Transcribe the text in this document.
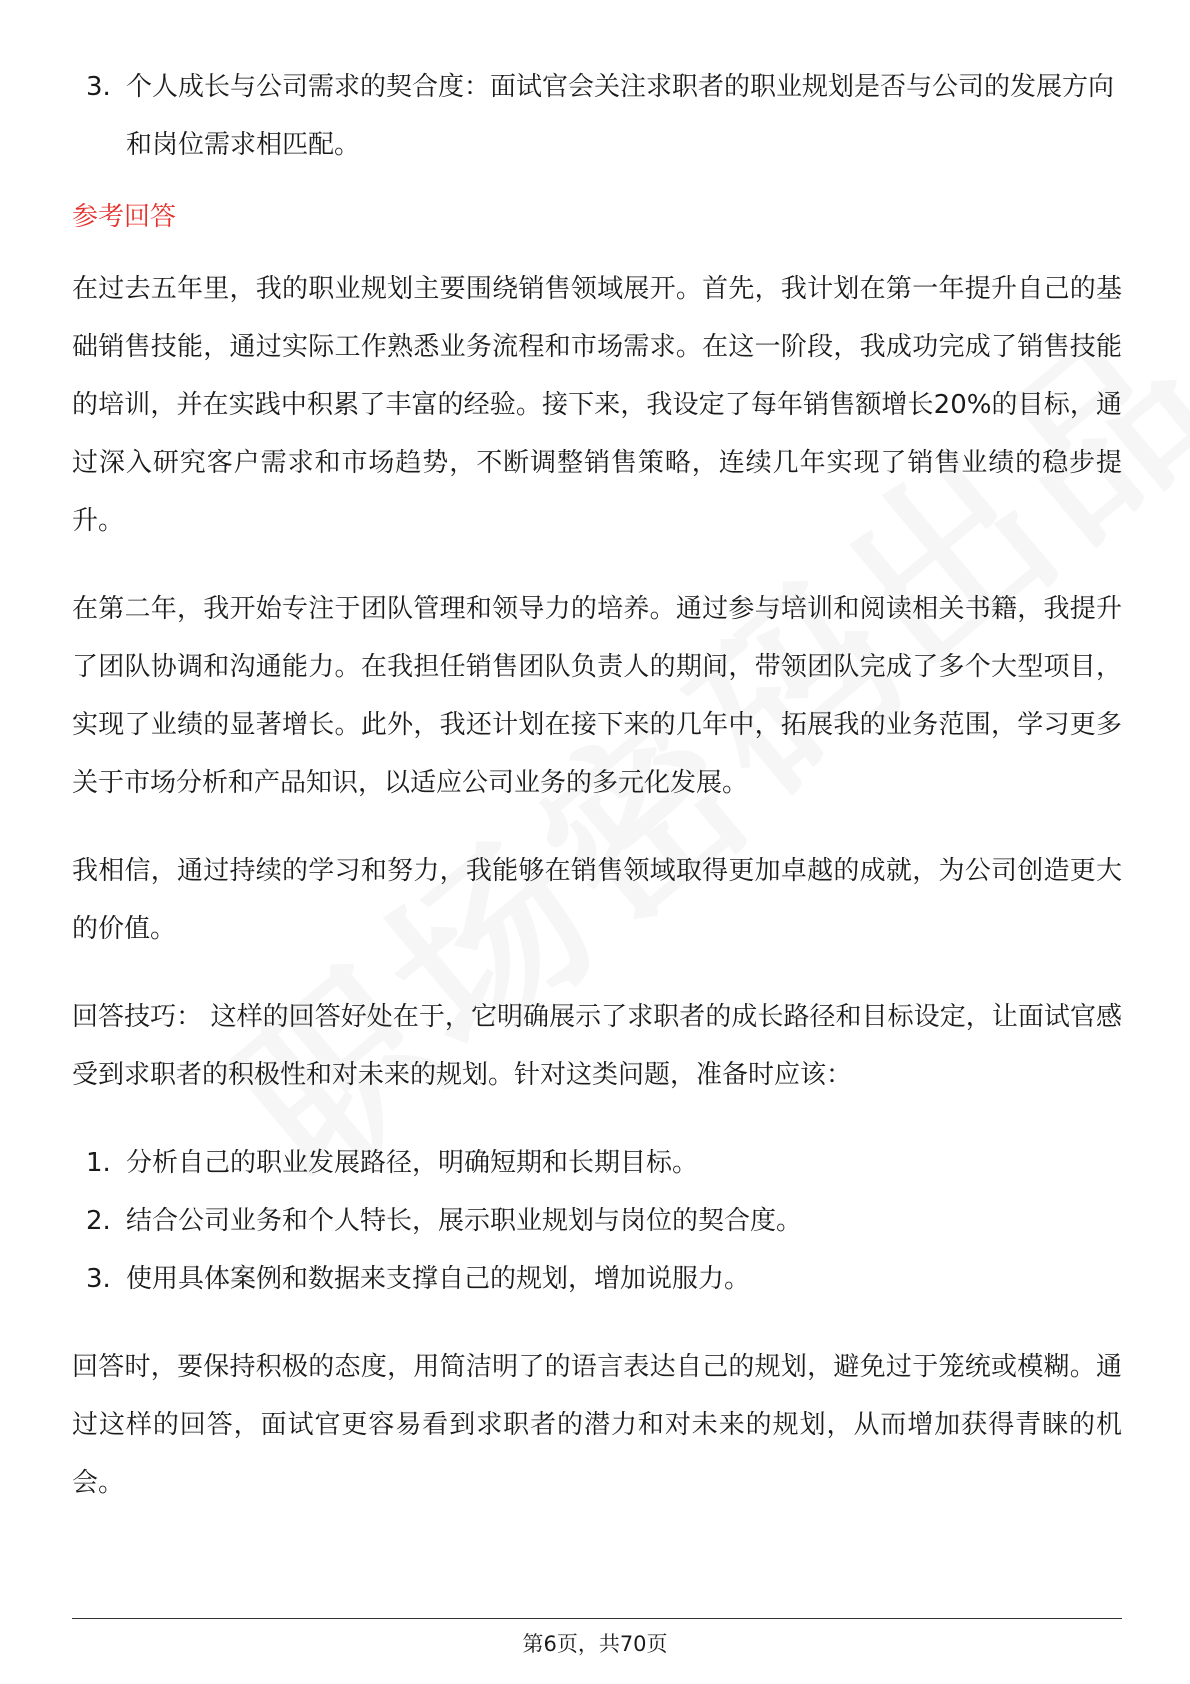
3. 个人成长与公司需求的契合度：面试官会关注求职者的职业规划是否与公司的发展方向和岗位需求相匹配。
参考回答

在过去五年里，我的职业规划主要围绕销售领域展开。首先，我计划在第一年提升自己的基础销售技能，通过实际工作熟悉业务流程和市场需求。在这一阶段，我成功完成了销售技能的培训，并在实践中积累了丰富的经验。接下来，我设定了每年销售额增长20%的目标，通过深入研究客户需求和市场趋势，不断调整销售策略，连续几年实现了销售业绩的稳步提升。

在第二年，我开始专注于团队管理和领导力的培养。通过参与培训和阅读相关书籍，我提升了团队协调和沟通能力。在我担任销售团队负责人的期间，带领团队完成了多个大型项目，实现了业绩的显著增长。此外，我还计划在接下来的几年中，拓展我的业务范围，学习更多关于市场分析和产品知识，以适应公司业务的多元化发展。

我相信，通过持续的学习和努力，我能够在销售领域取得更加卓越的成就，为公司创造更大的价值。

回答技巧： 这样的回答好处在于，它明确展示了求职者的成长路径和目标设定，让面试官感受到求职者的积极性和对未来的规划。针对这类问题，准备时应该：

1. 分析自己的职业发展路径，明确短期和长期目标。
2. 结合公司业务和个人特长，展示职业规划与岗位的契合度。
3. 使用具体案例和数据来支撑自己的规划，增加说服力。

回答时，要保持积极的态度，用简洁明了的语言表达自己的规划，避免过于笼统或模糊。通过这样的回答，面试官更容易看到求职者的潜力和对未来的规划，从而增加获得青睐的机会。

第6页，共70页
